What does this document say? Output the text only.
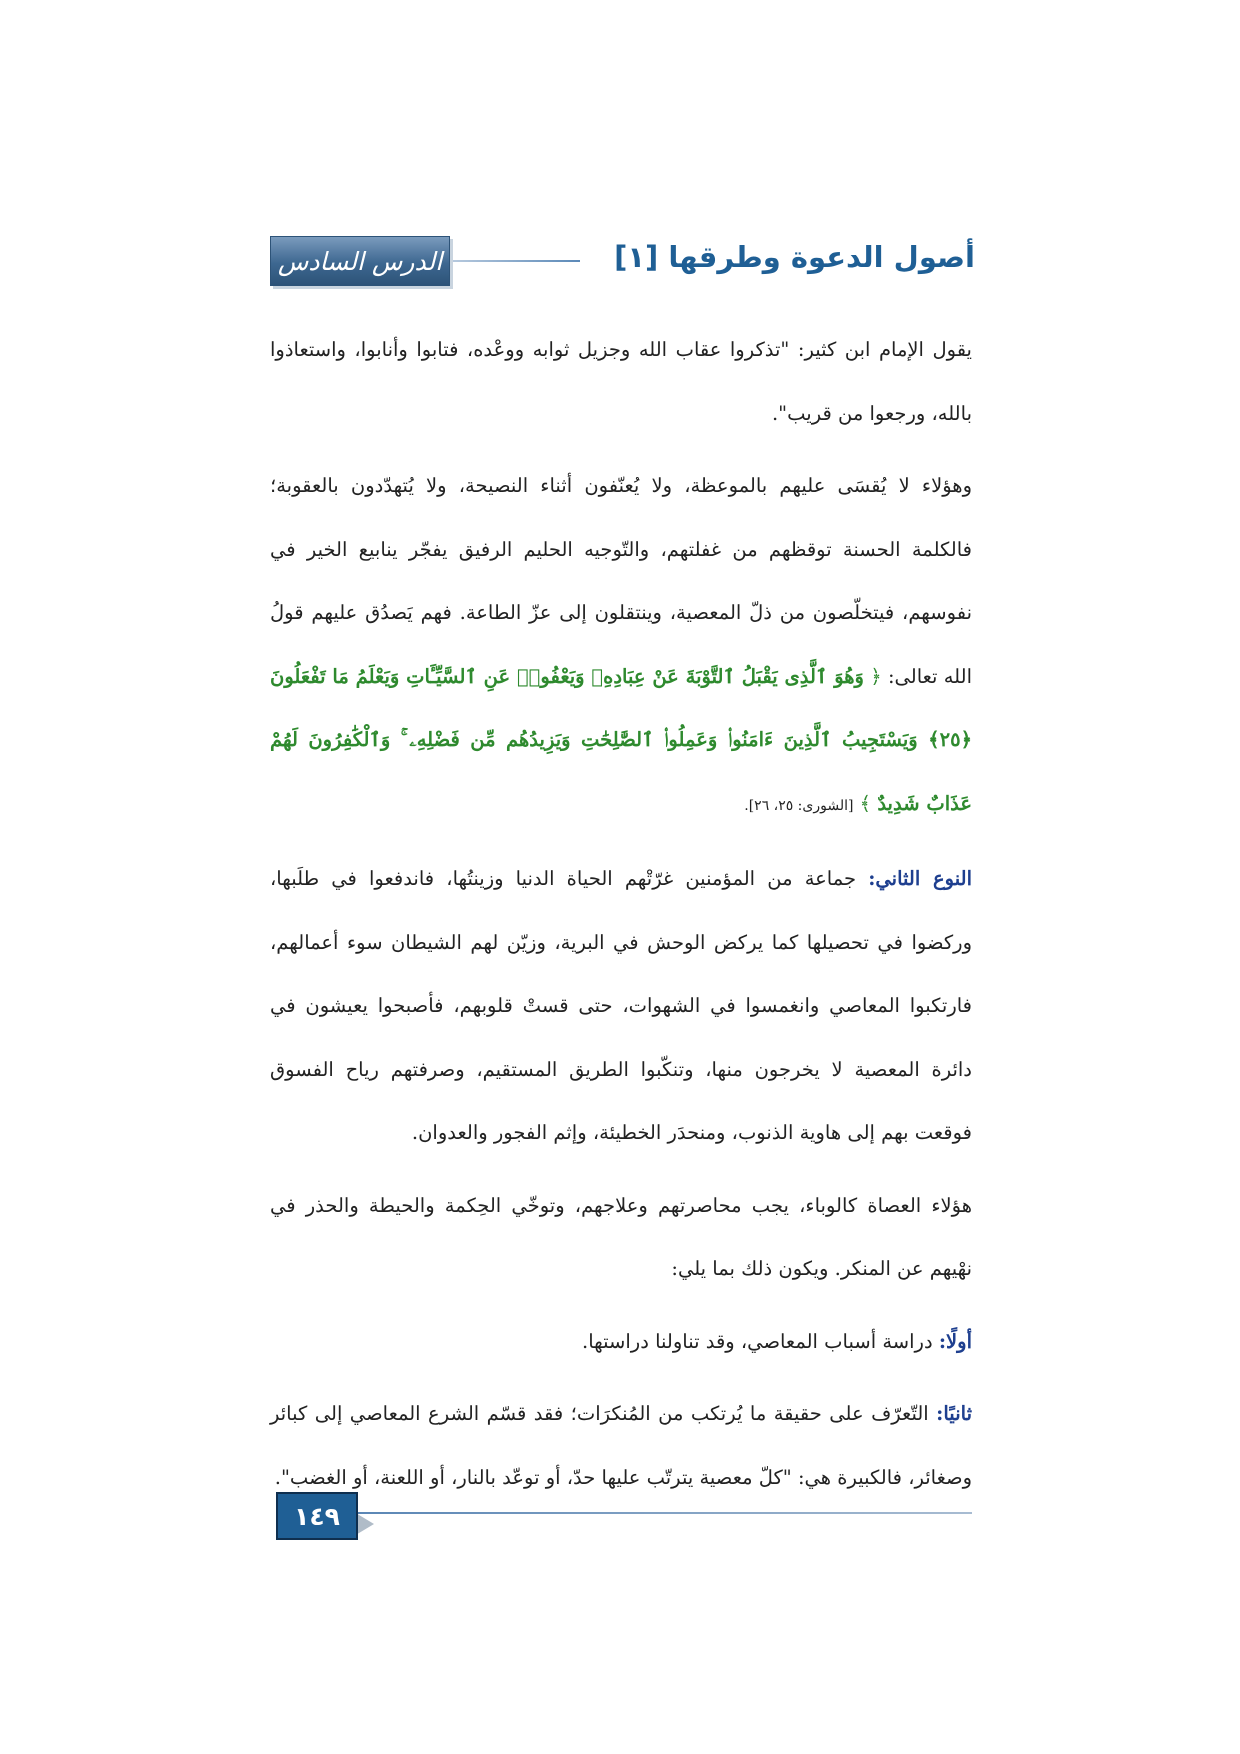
أصول الدعوة وطرقها [١]
الدرس السادس

يقول الإمام ابن كثير: "تذكروا عقاب الله وجزيل ثوابه ووعْده، فتابوا وأنابوا، واستعاذوا بالله، ورجعوا من قريب".

وهؤلاء لا يُقسَى عليهم بالموعظة، ولا يُعنّفون أثناء النصيحة، ولا يُتهدّدون بالعقوبة؛ فالكلمة الحسنة توقظهم من غفلتهم، والتّوجيه الحليم الرفيق يفجّر ينابيع الخير في نفوسهم، فيتخلّصون من ذلّ المعصية، وينتقلون إلى عزّ الطاعة. فهم يَصدُق عليهم قولُ الله تعالى: ﴿ وَهُوَ ٱلَّذِى يَقْبَلُ ٱلتَّوْبَةَ عَنْ عِبَادِهِۦ وَيَعْفُوا۟ عَنِ ٱلسَّيِّـَٔاتِ وَيَعْلَمُ مَا تَفْعَلُونَ ﴿٢٥﴾ وَيَسْتَجِيبُ ٱلَّذِينَ ءَامَنُوا۟ وَعَمِلُوا۟ ٱلصَّٰلِحَٰتِ وَيَزِيدُهُم مِّن فَضْلِهِۦ ۚ وَٱلْكَٰفِرُونَ لَهُمْ عَذَابٌ شَدِيدٌ ﴾ [الشورى: ٢٥، ٢٦].

النوع الثاني: جماعة من المؤمنين غرّتْهم الحياة الدنيا وزينتُها، فاندفعوا في طلَبها، وركضوا في تحصيلها كما يركض الوحش في البرية، وزيّن لهم الشيطان سوء أعمالهم، فارتكبوا المعاصي وانغمسوا في الشهوات، حتى قستْ قلوبهم، فأصبحوا يعيشون في دائرة المعصية لا يخرجون منها، وتنكّبوا الطريق المستقيم، وصرفتهم رياح الفسوق فوقعت بهم إلى هاوية الذنوب، ومنحدَر الخطيئة، وإثم الفجور والعدوان.

هؤلاء العصاة كالوباء، يجب محاصرتهم وعلاجهم، وتوخّي الحِكمة والحيطة والحذر في نهْيهم عن المنكر. ويكون ذلك بما يلي:

أولًا: دراسة أسباب المعاصي، وقد تناولنا دراستها.

ثانيًا: التّعرّف على حقيقة ما يُرتكب من المُنكرَات؛ فقد قسّم الشرع المعاصي إلى كبائر وصغائر، فالكبيرة هي: "كلّ معصية يترتّب عليها حدّ، أو توعّد بالنار، أو اللعنة، أو الغضب".

١٤٩
